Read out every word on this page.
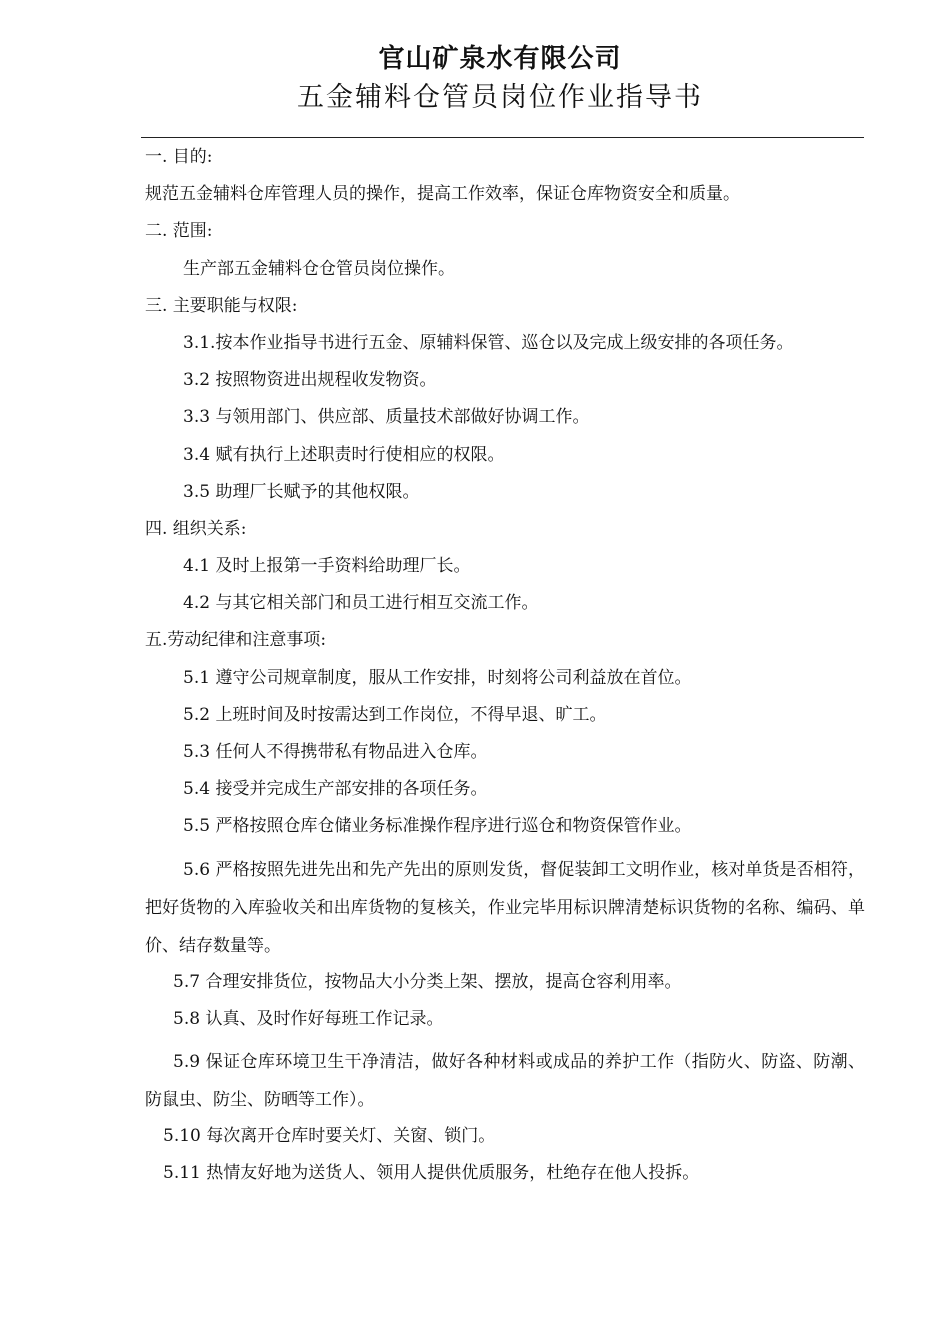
官山矿泉水有限公司
五金辅料仓管员岗位作业指导书
一. 目的:
规范五金辅料仓库管理人员的操作，提高工作效率，保证仓库物资安全和质量。
二. 范围:
生产部五金辅料仓仓管员岗位操作。
三. 主要职能与权限:
3.1.按本作业指导书进行五金、原辅料保管、巡仓以及完成上级安排的各项任务。
3.2 按照物资进出规程收发物资。
3.3 与领用部门、供应部、质量技术部做好协调工作。
3.4 赋有执行上述职责时行使相应的权限。
3.5 助理厂长赋予的其他权限。
四. 组织关系:
4.1 及时上报第一手资料给助理厂长。
4.2 与其它相关部门和员工进行相互交流工作。
五.劳动纪律和注意事项:
5.1 遵守公司规章制度，服从工作安排，时刻将公司利益放在首位。
5.2 上班时间及时按需达到工作岗位，不得早退、旷工。
5.3 任何人不得携带私有物品进入仓库。
5.4 接受并完成生产部安排的各项任务。
5.5 严格按照仓库仓储业务标准操作程序进行巡仓和物资保管作业。
5.6 严格按照先进先出和先产先出的原则发货，督促装卸工文明作业，核对单货是否相符，把好货物的入库验收关和出库货物的复核关，作业完毕用标识牌清楚标识货物的名称、编码、单价、结存数量等。
5.7 合理安排货位，按物品大小分类上架、摆放，提高仓容利用率。
5.8 认真、及时作好每班工作记录。
5.9 保证仓库环境卫生干净清洁，做好各种材料或成品的养护工作（指防火、防盗、防潮、防鼠虫、防尘、防晒等工作）。
5.10 每次离开仓库时要关灯、关窗、锁门。
5.11 热情友好地为送货人、领用人提供优质服务，杜绝存在他人投拆。
